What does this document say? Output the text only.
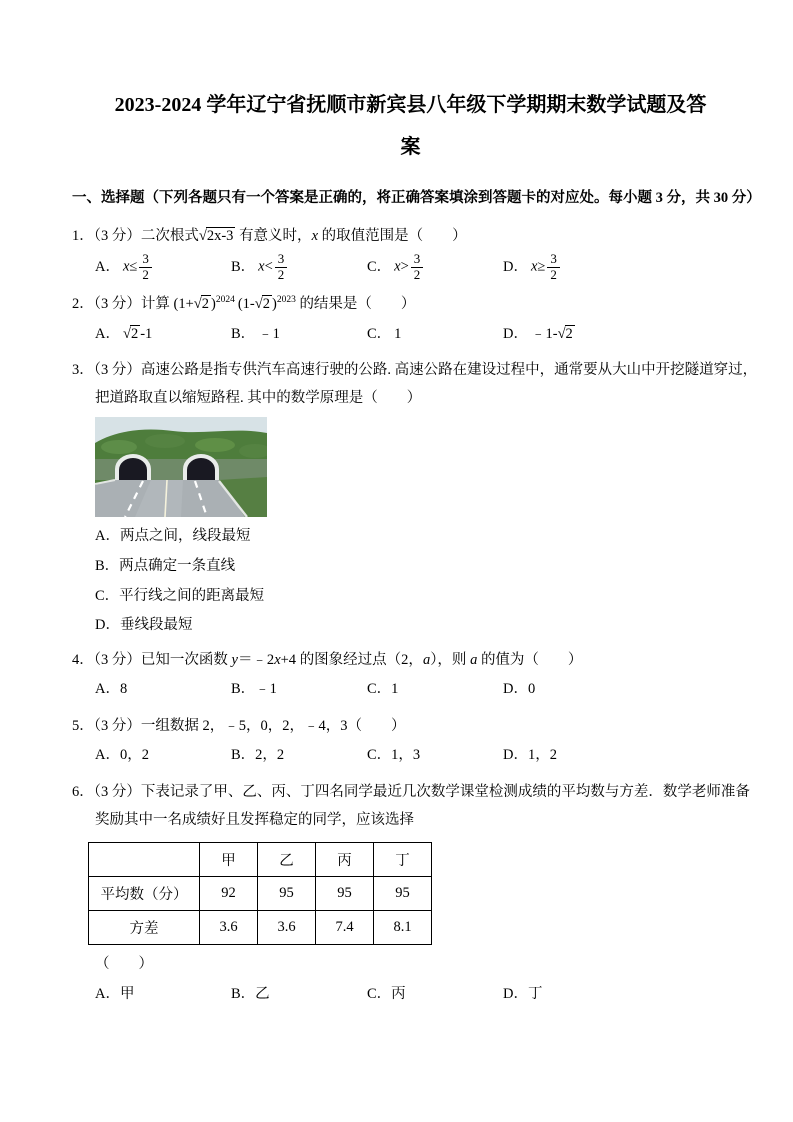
2023-2024 学年辽宁省抚顺市新宾县八年级下学期期末数学试题及答
案
一、选择题（下列各题只有一个答案是正确的，将正确答案填涂到答题卡的对应处。每小题 3 分，共 30 分）
1．（3 分）二次根式√2x-3 有意义时，x 的取值范围是（　　）
A． $x\le \frac{3}{2}$	B． $x< \frac{3}{2}$	C． $x> \frac{3}{2}$	D． $x\ge \frac{3}{2}$
2．（3 分）计算 (1+√2 )$^{2024}$ (1-√2 )$^{2023}$ 的结果是（　　）
A． √2 -1	B． ﹣1	C． 1	D． ﹣1-√2
3．（3 分）高速公路是指专供汽车高速行驶的公路. 高速公路在建设过程中，通常要从大山中开挖隧道穿过，
把道路取直以缩短路程. 其中的数学原理是（　　）
A．两点之间，线段最短
B．两点确定一条直线
C．平行线之间的距离最短
D．垂线段最短
4．（3 分）已知一次函数 y＝﹣2x+4 的图象经过点（2，a），则 a 的值为（　　）
A．8	B．﹣1	C．1	D．0
5．（3 分）一组数据 2，﹣5，0，2，﹣4，3（　　）
A．0，2	B．2，2	C．1，3	D．1，2
6．（3 分）下表记录了甲、乙、丙、丁四名同学最近几次数学课堂检测成绩的平均数与方差．数学老师准备
奖励其中一名成绩好且发挥稳定的同学，应该选择
	甲	乙	丙	丁
平均数（分）	92	95	95	95
方差	3.6	3.6	7.4	8.1
（　　）
A．甲	B．乙	C．丙	D．丁
